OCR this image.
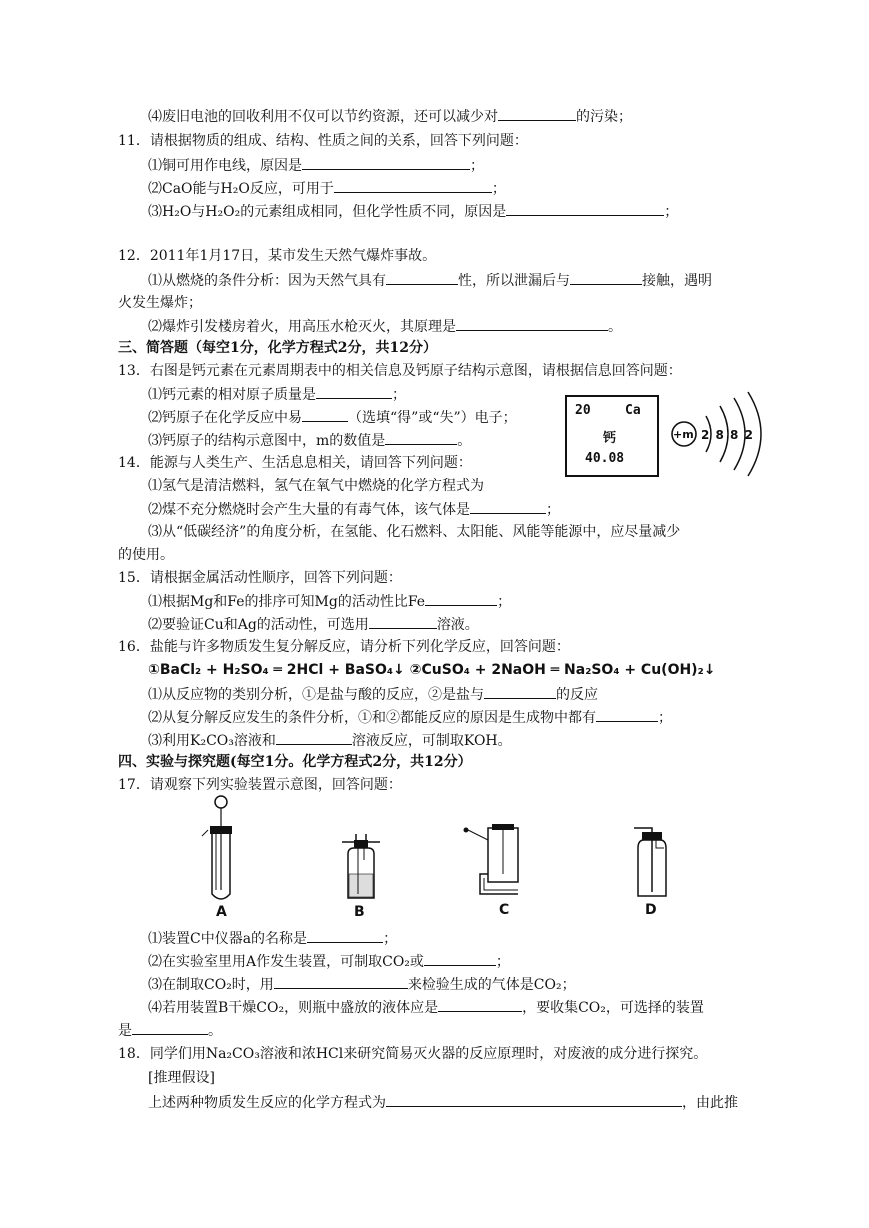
⑷废旧电池的回收利用不仅可以节约资源，还可以减少对	的污染；
11．请根据物质的组成、结构、性质之间的关系，回答下列问题：
⑴铜可用作电线，原因是	；
⑵CaO能与H₂O反应，可用于	；
⑶H₂O与H₂O₂的元素组成相同，但化学性质不同，原因是	；
12．2011年1月17日，某市发生天然气爆炸事故。
⑴从燃烧的条件分析：因为天然气具有	性，所以泄漏后与	接触，遇明
火发生爆炸；
⑵爆炸引发楼房着火，用高压水枪灭火，其原理是	。
三、简答题（每空1分，化学方程式2分，共12分）
13．右图是钙元素在元素周期表中的相关信息及钙原子结构示意图，请根据信息回答问题：
⑴钙元素的相对原子质量是	；
⑵钙原子在化学反应中易	（选填“得”或“失”）电子；
⑶钙原子的结构示意图中，m的数值是	。
20	Ca
钙
40.08
+m 2 8 8 2
14．能源与人类生产、生活息息相关，请回答下列问题：
⑴氢气是清洁燃料，氢气在氧气中燃烧的化学方程式为
⑵煤不充分燃烧时会产生大量的有毒气体，该气体是	；
⑶从“低碳经济”的角度分析，在氢能、化石燃料、太阳能、风能等能源中，应尽量减少
的使用。
15．请根据金属活动性顺序，回答下列问题：
⑴根据Mg和Fe的排序可知Mg的活动性比Fe	；
⑵要验证Cu和Ag的活动性，可选用	溶液。
16．盐能与许多物质发生复分解反应，请分析下列化学反应，回答问题：
①BaCl₂ + H₂SO₄ ═ 2HCl + BaSO₄↓ ②CuSO₄ + 2NaOH ═ Na₂SO₄ + Cu(OH)₂↓
⑴从反应物的类别分析，①是盐与酸的反应，②是盐与	的反应
⑵从复分解反应发生的条件分析，①和②都能反应的原因是生成物中都有	；
⑶利用K₂CO₃溶液和	溶液反应，可制取KOH。
四、实验与探究题(每空1分。化学方程式2分，共12分）
17．请观察下列实验装置示意图，回答问题：
A	B	C	D
⑴装置C中仪器a的名称是	；
⑵在实验室里用A作发生装置，可制取CO₂或	；
⑶在制取CO₂时，用	来检验生成的气体是CO₂；
⑷若用装置B干燥CO₂，则瓶中盛放的液体应是	，要收集CO₂，可选择的装置
是	。
18．同学们用Na₂CO₃溶液和浓HCl来研究简易灭火器的反应原理时，对废液的成分进行探究。
[推理假设]
上述两种物质发生反应的化学方程式为	，由此推
